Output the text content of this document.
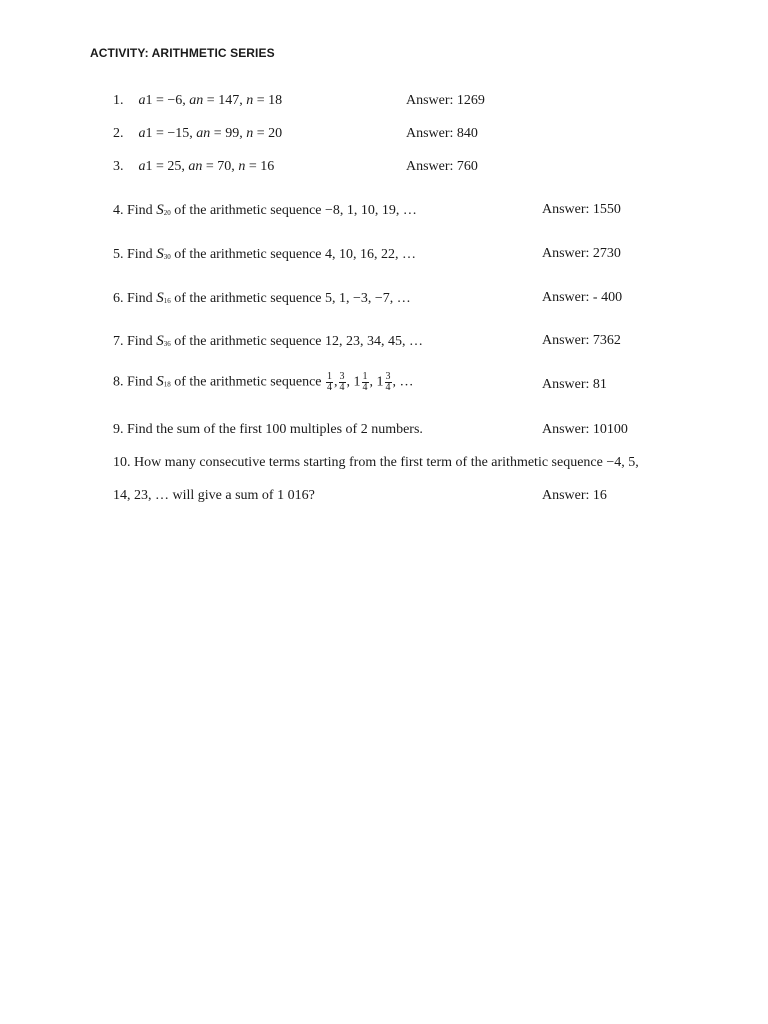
ACTIVITY: ARITHMETIC SERIES
1. a1 = −6, an = 147, n = 18	Answer: 1269
2. a1 = −15, an = 99, n = 20	Answer: 840
3. a1 = 25, an = 70, n = 16	Answer: 760
4. Find $S_{20}$ of the arithmetic sequence −8, 1, 10, 19, …	Answer: 1550
5. Find $S_{30}$ of the arithmetic sequence 4, 10, 16, 22, …	Answer: 2730
6. Find $S_{16}$ of the arithmetic sequence 5, 1, −3, −7, …	Answer: - 400
7. Find $S_{36}$ of the arithmetic sequence 12, 23, 34, 45, …	Answer: 7362
8. Find $S_{18}$ of the arithmetic sequence $\frac{1}{4}$ , $\frac{3}{4}$ , $1 \frac{1}{4}$ , $1 \frac{3}{4}$ , …	Answer: 81
9. Find the sum of the first 100 multiples of 2 numbers.	Answer: 10100
10. How many consecutive terms starting from the first term of the arithmetic sequence −4, 5,
14, 23, … will give a sum of 1 016?	Answer: 16
